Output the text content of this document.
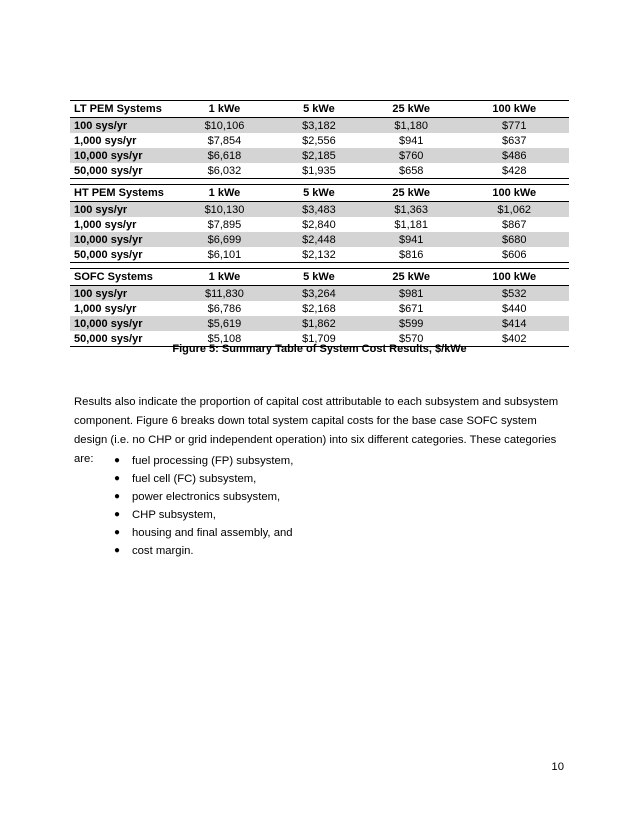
LT PEM Systems	1 kWe	5 kWe	25 kWe	100 kWe
100 sys/yr	$10,106	$3,182	$1,180	$771
1,000 sys/yr	$7,854	$2,556	$941	$637
10,000 sys/yr	$6,618	$2,185	$760	$486
50,000 sys/yr	$6,032	$1,935	$658	$428

HT PEM Systems	1 kWe	5 kWe	25 kWe	100 kWe
100 sys/yr	$10,130	$3,483	$1,363	$1,062
1,000 sys/yr	$7,895	$2,840	$1,181	$867
10,000 sys/yr	$6,699	$2,448	$941	$680
50,000 sys/yr	$6,101	$2,132	$816	$606

SOFC Systems	1 kWe	5 kWe	25 kWe	100 kWe
100 sys/yr	$11,830	$3,264	$981	$532
1,000 sys/yr	$6,786	$2,168	$671	$440
10,000 sys/yr	$5,619	$1,862	$599	$414
50,000 sys/yr	$5,108	$1,709	$570	$402
Figure 5: Summary Table of System Cost Results, $/kWe

Results also indicate the proportion of capital cost attributable to each subsystem and subsystem component. Figure 6 breaks down total system capital costs for the base case SOFC system design (i.e. no CHP or grid independent operation) into six different categories. These categories are:	● fuel processing (FP) subsystem,
● fuel cell (FC) subsystem,
● power electronics subsystem,
● CHP subsystem,
● housing and final assembly, and
● cost margin.
10
